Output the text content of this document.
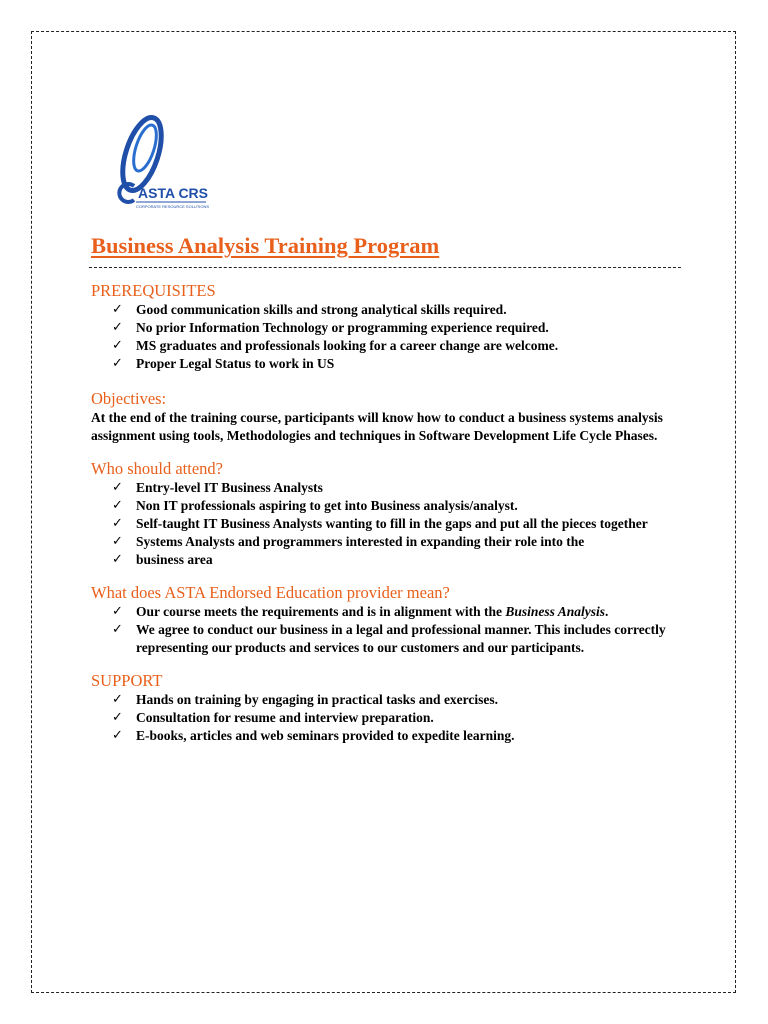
ASTA CRS
CORPORATE RESOURCE SOLUTIONS
Business Analysis Training Program
PREREQUISITES
✓ Good communication skills and strong analytical skills required.
✓ No prior Information Technology or programming experience required.
✓ MS graduates and professionals looking for a career change are welcome.
✓ Proper Legal Status to work in US
Objectives:

At the end of the training course, participants will know how to conduct a business systems analysis assignment using tools, Methodologies and techniques in Software Development Life Cycle Phases.

Who should attend?
✓ Entry-level IT Business Analysts
✓ Non IT professionals aspiring to get into Business analysis/analyst.
✓ Self-taught IT Business Analysts wanting to fill in the gaps and put all the pieces together
✓ Systems Analysts and programmers interested in expanding their role into the
✓ business area
What does ASTA Endorsed Education provider mean?
✓ Our course meets the requirements and is in alignment with the Business Analysis.
✓ We agree to conduct our business in a legal and professional manner. This includes correctly representing our products and services to our customers and our participants.
SUPPORT
✓ Hands on training by engaging in practical tasks and exercises.
✓ Consultation for resume and interview preparation.
✓ E-books, articles and web seminars provided to expedite learning.
